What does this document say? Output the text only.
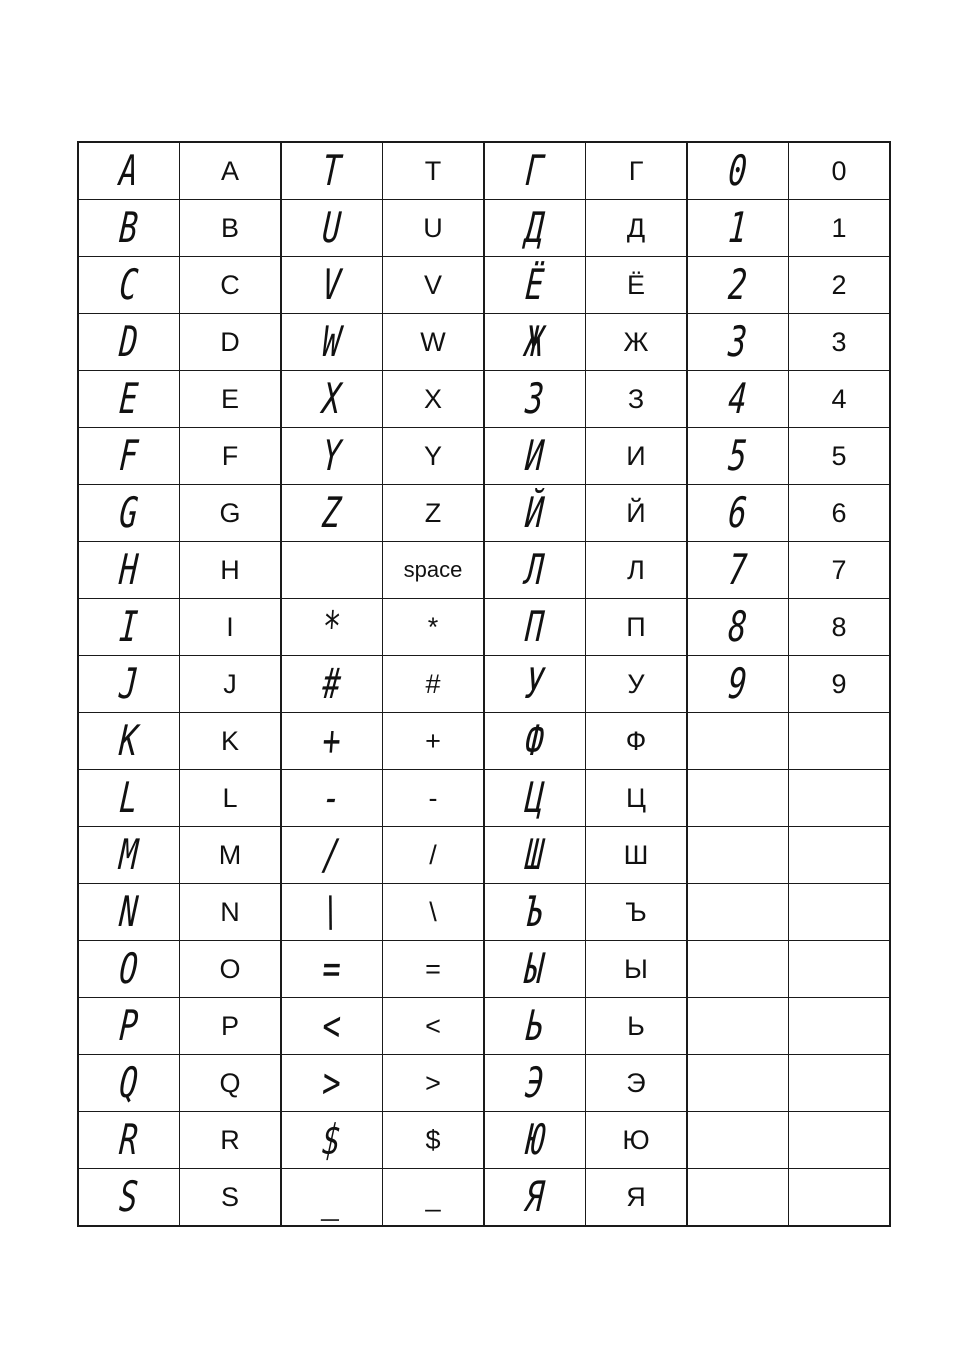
A	A	T	T	Г	Г	0	0
B	B	U	U	Д	Д	1	1
C	C	V	V	Ё	Ё	2	2
D	D	W	W	Ж	Ж	3	3
E	E	X	X	З	З	4	4
F	F	Y	Y	И	И	5	5
G	G	Z	Z	Й	Й	6	6
H	H		space	Л	Л	7	7
I	I	*	*	П	П	8	8
J	J	#	#	У	У	9	9
K	K	+	+	Ф	Ф		
L	L	-	-	Ц	Ц		
M	M	/	/	Ш	Ш		
N	N	\	\	Ъ	Ъ		
O	O	=	=	Ы	Ы		
P	P	<	<	Ь	Ь		
Q	Q	>	>	Э	Э		
R	R	$	$	Ю	Ю		
S	S	_	_	Я	Я		
